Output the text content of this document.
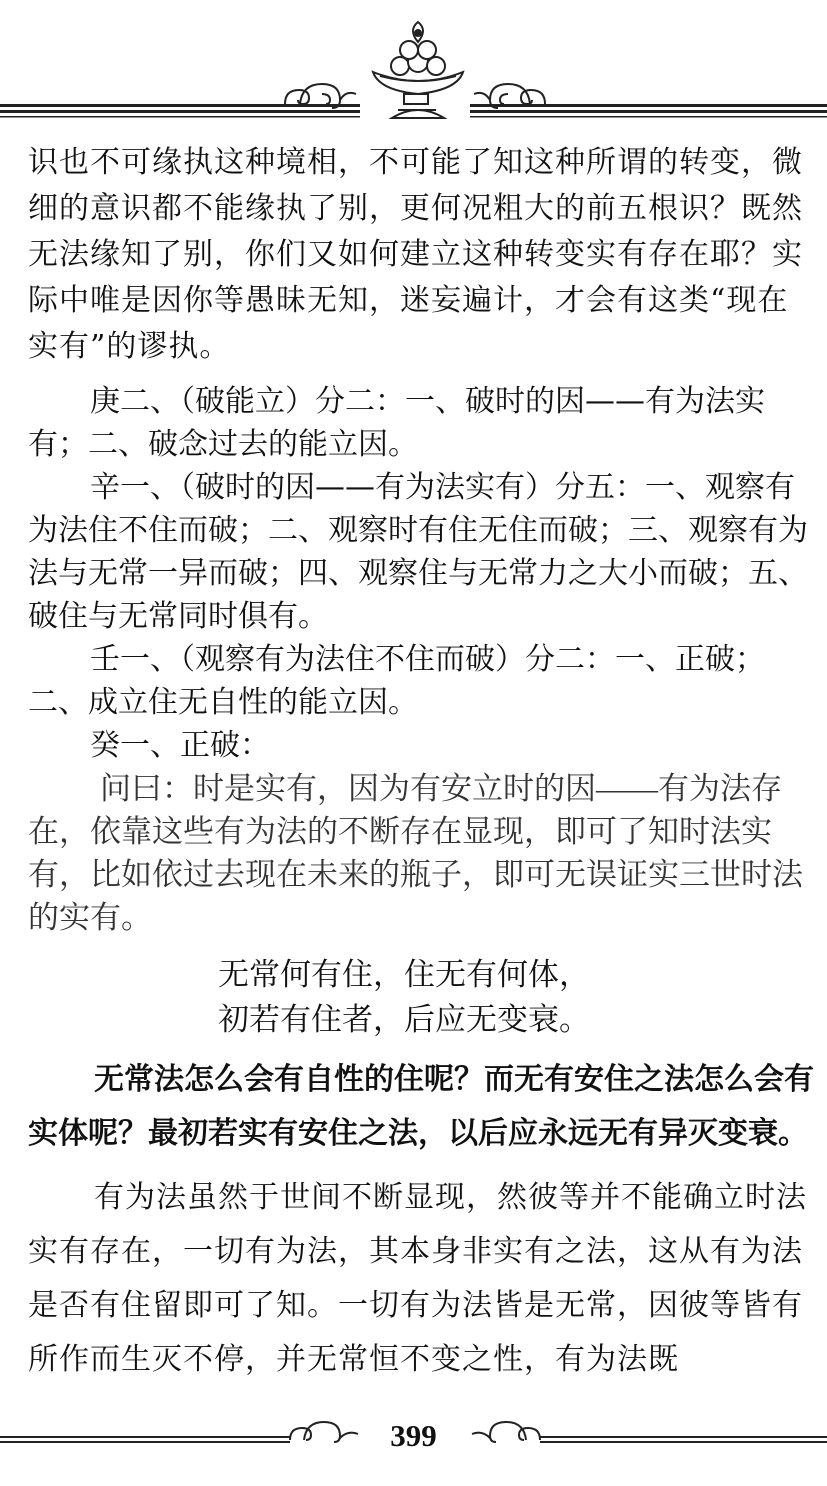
识也不可缘执这种境相，不可能了知这种所谓的转变，微细的意识都不能缘执了别，更何况粗大的前五根识？既然无法缘知了别，你们又如何建立这种转变实有存在耶？实际中唯是因你等愚昧无知，迷妄遍计，才会有这类“现在实有”的谬执。

庚二、（破能立）分二：一、破时的因——有为法实有；二、破念过去的能立因。

辛一、（破时的因——有为法实有）分五：一、观察有为法住不住而破；二、观察时有住无住而破；三、观察有为法与无常一异而破；四、观察住与无常力之大小而破；五、破住与无常同时俱有。

壬一、（观察有为法住不住而破）分二：一、正破；二、成立住无自性的能立因。

癸一、正破：

问曰：时是实有，因为有安立时的因——有为法存在，依靠这些有为法的不断存在显现，即可了知时法实有，比如依过去现在未来的瓶子，即可无误证实三世时法的实有。

无常何有住，住无有何体，

初若有住者，后应无变衰。

无常法怎么会有自性的住呢？而无有安住之法怎么会有实体呢？最初若实有安住之法，以后应永远无有异灭变衰。

有为法虽然于世间不断显现，然彼等并不能确立时法实有存在，一切有为法，其本身非实有之法，这从有为法是否有住留即可了知。一切有为法皆是无常，因彼等皆有所作而生灭不停，并无常恒不变之性，有为法既

399
